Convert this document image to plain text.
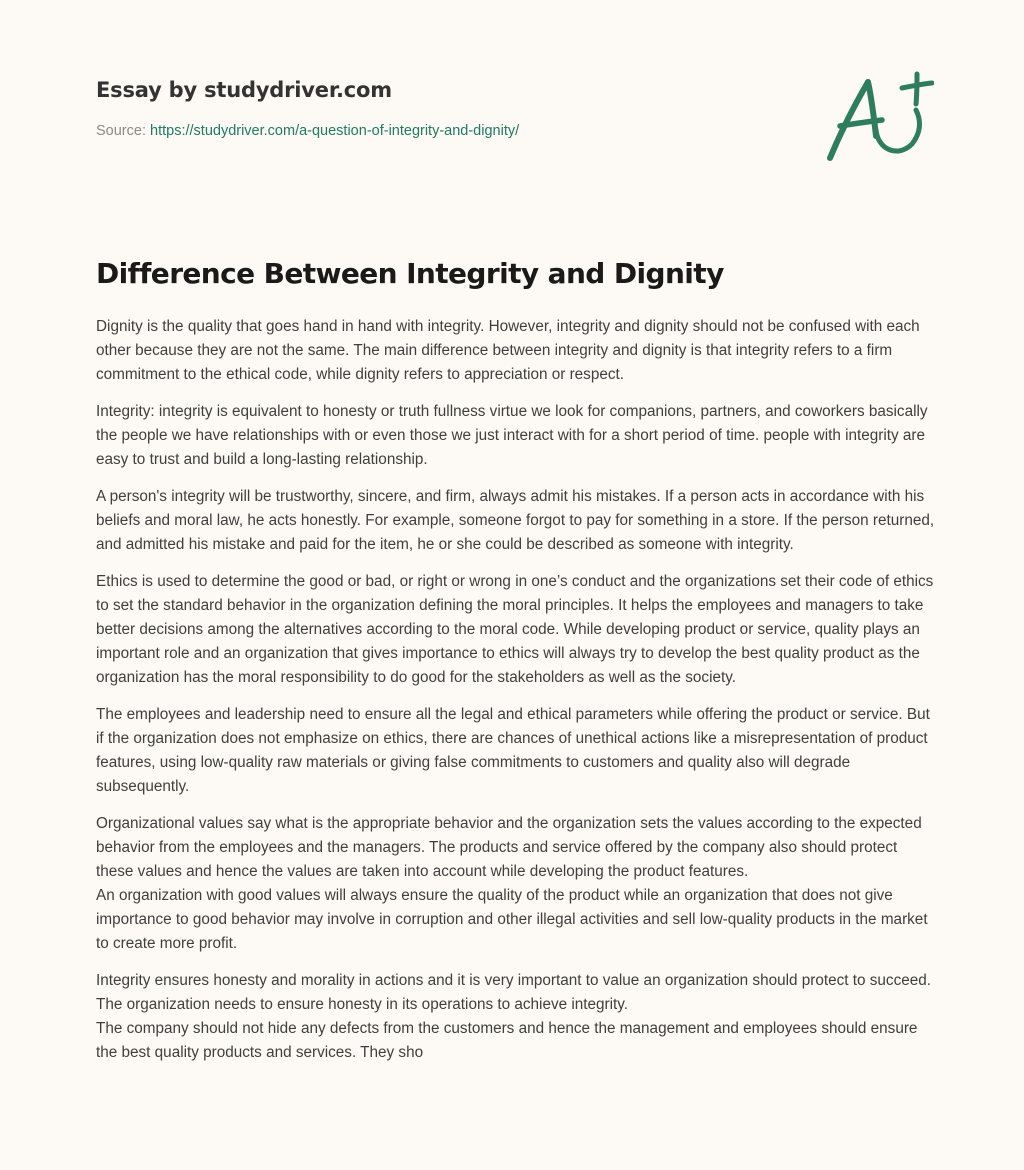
Essay by studydriver.com
Source: https://studydriver.com/a-question-of-integrity-and-dignity/
Difference Between Integrity and Dignity

Dignity is the quality that goes hand in hand with integrity. However, integrity and dignity should not be confused with each other because they are not the same. The main difference between integrity and dignity is that integrity refers to a firm commitment to the ethical code, while dignity refers to appreciation or respect.

Integrity: integrity is equivalent to honesty or truth fullness virtue we look for companions, partners, and coworkers basically the people we have relationships with or even those we just interact with for a short period of time. people with integrity are easy to trust and build a long-lasting relationship.

A person's integrity will be trustworthy, sincere, and firm, always admit his mistakes. If a person acts in accordance with his beliefs and moral law, he acts honestly. For example, someone forgot to pay for something in a store. If the person returned, and admitted his mistake and paid for the item, he or she could be described as someone with integrity.

Ethics is used to determine the good or bad, or right or wrong in one’s conduct and the organizations set their code of ethics to set the standard behavior in the organization defining the moral principles. It helps the employees and managers to take better decisions among the alternatives according to the moral code. While developing product or service, quality plays an important role and an organization that gives importance to ethics will always try to develop the best quality product as the organization has the moral responsibility to do good for the stakeholders as well as the society.

The employees and leadership need to ensure all the legal and ethical parameters while offering the product or service. But if the organization does not emphasize on ethics, there are chances of unethical actions like a misrepresentation of product features, using low-quality raw materials or giving false commitments to customers and quality also will degrade subsequently.

Organizational values say what is the appropriate behavior and the organization sets the values according to the expected behavior from the employees and the managers. The products and service offered by the company also should protect these values and hence the values are taken into account while developing the product features.

An organization with good values will always ensure the quality of the product while an organization that does not give importance to good behavior may involve in corruption and other illegal activities and sell low-quality products in the market to create more profit.

Integrity ensures honesty and morality in actions and it is very important to value an organization should protect to succeed. The organization needs to ensure honesty in its operations to achieve integrity.

The company should not hide any defects from the customers and hence the management and employees should ensure the best quality products and services. They sho
